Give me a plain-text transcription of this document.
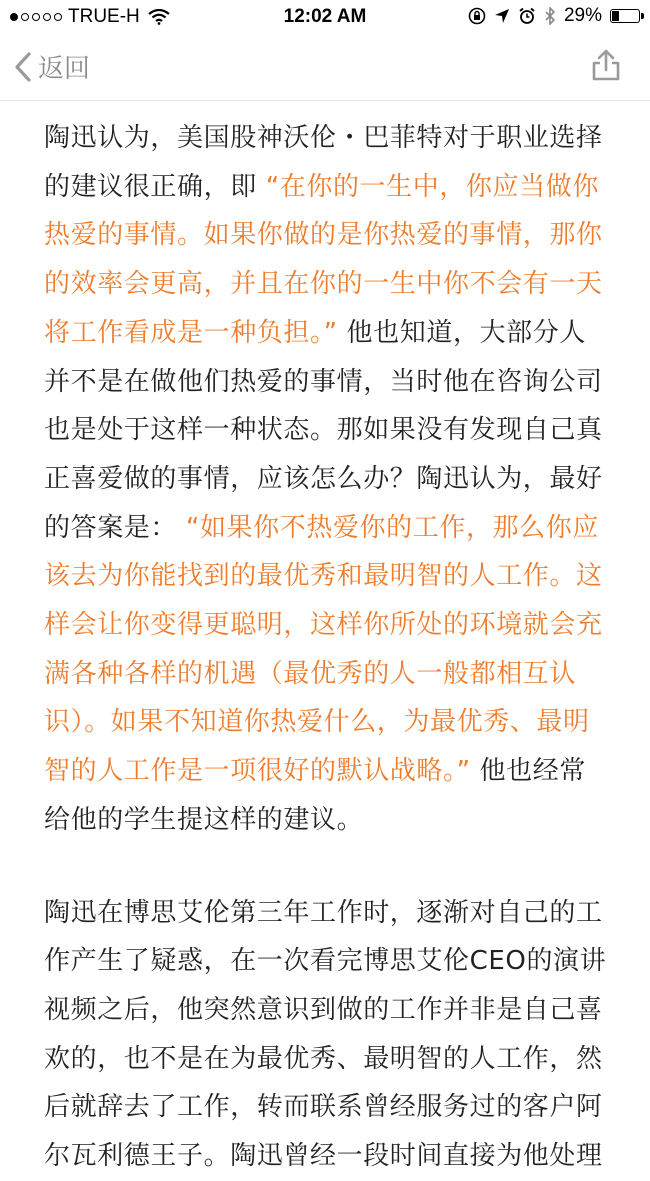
TRUE-H	12:02 AM	29%
返回

陶迅认为，美国股神沃伦・巴菲特对于职业选择的建议很正确，即 “在你的一生中，你应当做你热爱的事情。如果你做的是你热爱的事情，那你的效率会更高，并且在你的一生中你不会有一天将工作看成是一种负担。” 他也知道，大部分人并不是在做他们热爱的事情，当时他在咨询公司也是处于这样一种状态。那如果没有发现自己真正喜爱做的事情，应该怎么办？陶迅认为，最好的答案是： “如果你不热爱你的工作，那么你应该去为你能找到的最优秀和最明智的人工作。这样会让你变得更聪明，这样你所处的环境就会充满各种各样的机遇（最优秀的人一般都相互认识）。如果不知道你热爱什么，为最优秀、最明智的人工作是一项很好的默认战略。” 他也经常给他的学生提这样的建议。

陶迅在博思艾伦第三年工作时，逐渐对自己的工作产生了疑惑，在一次看完博思艾伦CEO的演讲视频之后，他突然意识到做的工作并非是自己喜欢的，也不是在为最优秀、最明智的人工作，然后就辞去了工作，转而联系曾经服务过的客户阿尔瓦利德王子。陶迅曾经一段时间直接为他处理
